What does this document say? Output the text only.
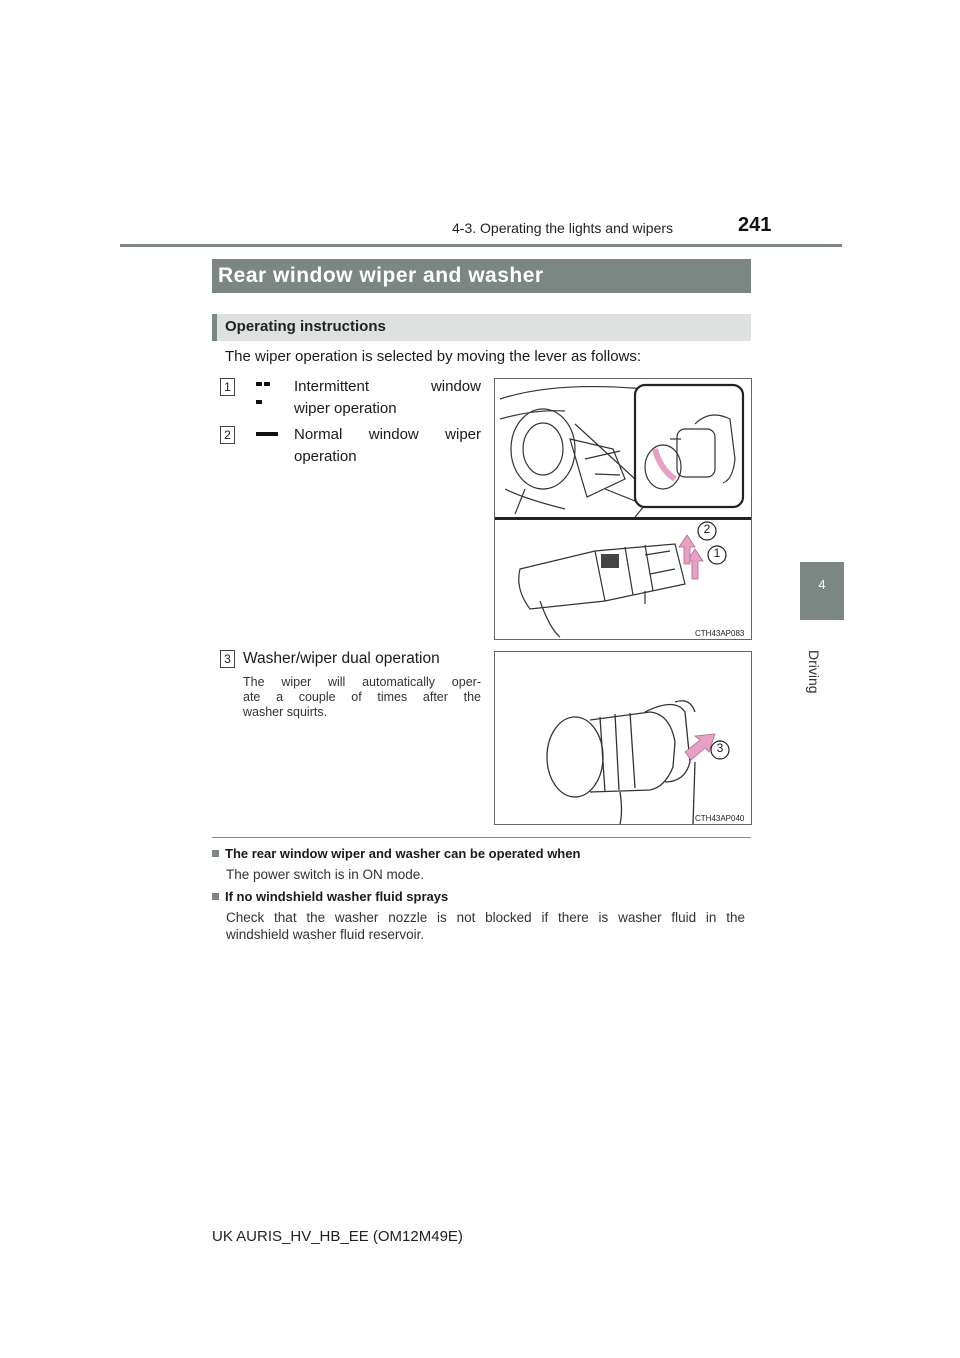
4-3. Operating the lights and wipers	241
4
Driving
Rear window wiper and washer
Operating instructions
The wiper operation is selected by moving the lever as follows:
1	Intermittent window
wiper operation
2	Normal window wiper
operation
3 Washer/wiper dual operation
The wiper will automatically oper-
ate a couple of times after the
washer squirts.
2
1
CTH43AP083
3
CTH43AP040
The rear window wiper and washer can be operated when
The power switch is in ON mode.
If no windshield washer fluid sprays
Check that the washer nozzle is not blocked if there is washer fluid in the
windshield washer fluid reservoir.
UK AURIS_HV_HB_EE (OM12M49E)
